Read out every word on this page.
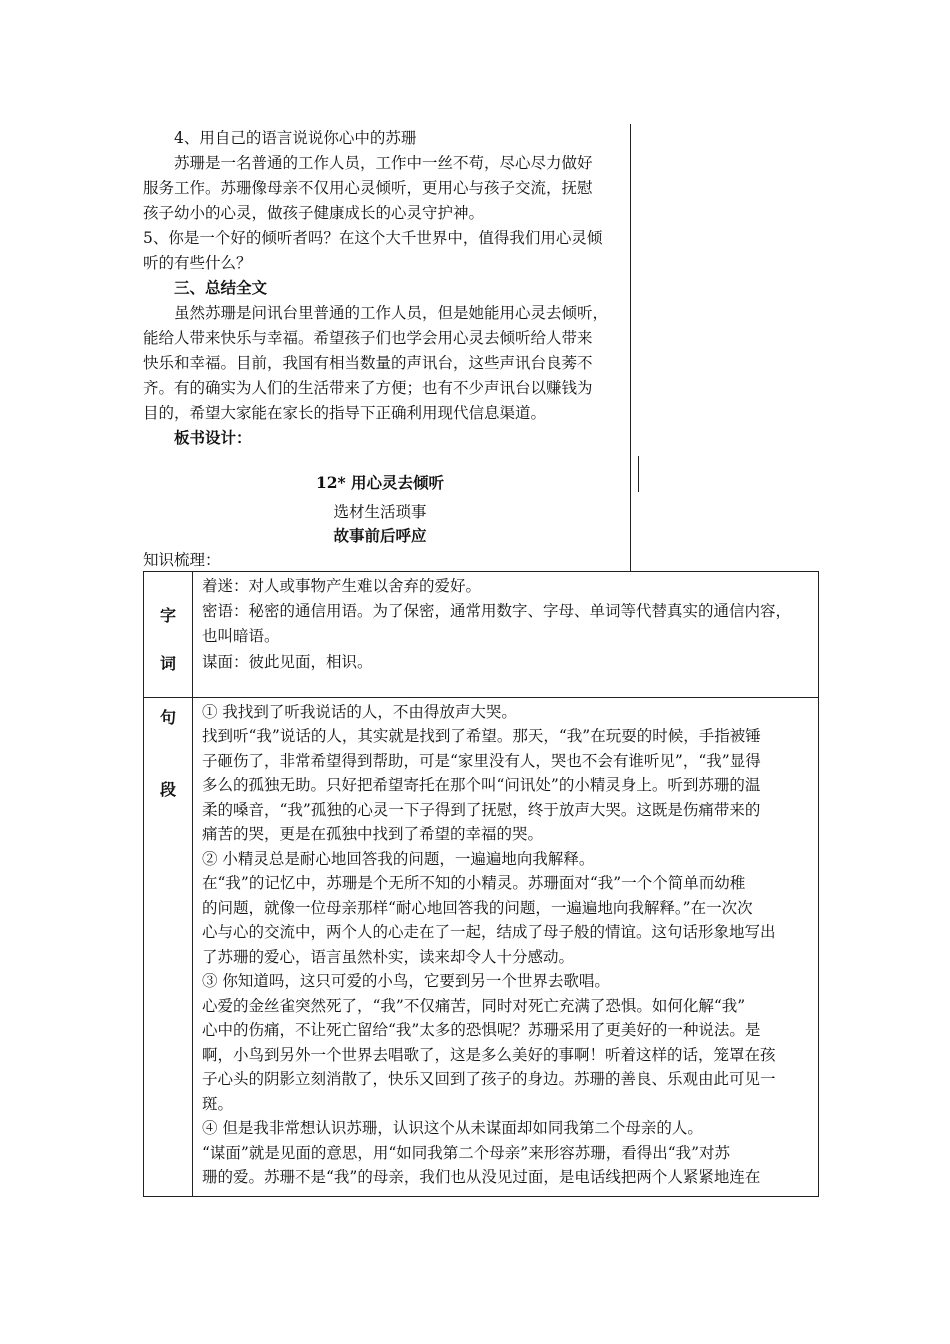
4、用自己的语言说说你心中的苏珊
苏珊是一名普通的工作人员，工作中一丝不苟，尽心尽力做好
服务工作。苏珊像母亲不仅用心灵倾听，更用心与孩子交流，抚慰
孩子幼小的心灵，做孩子健康成长的心灵守护神。
5、你是一个好的倾听者吗？在这个大千世界中，值得我们用心灵倾
听的有些什么？
三、总结全文
虽然苏珊是问讯台里普通的工作人员，但是她能用心灵去倾听，
能给人带来快乐与幸福。希望孩子们也学会用心灵去倾听给人带来
快乐和幸福。目前，我国有相当数量的声讯台，这些声讯台良莠不
齐。有的确实为人们的生活带来了方便；也有不少声讯台以赚钱为
目的，希望大家能在家长的指导下正确利用现代信息渠道。
板书设计：
12* 用心灵去倾听
选材生活琐事
故事前后呼应
知识梳理：
字
词
着迷：对人或事物产生难以舍弃的爱好。
密语：秘密的通信用语。为了保密，通常用数字、字母、单词等代替真实的通信内容，
也叫暗语。
谋面：彼此见面，相识。
句
段
① 我找到了听我说话的人，不由得放声大哭。
找到听“我”说话的人，其实就是找到了希望。那天，“我”在玩耍的时候，手指被锤
子砸伤了，非常希望得到帮助，可是“家里没有人，哭也不会有谁听见”，“我”显得
多么的孤独无助。只好把希望寄托在那个叫“问讯处”的小精灵身上。听到苏珊的温
柔的嗓音，“我”孤独的心灵一下子得到了抚慰，终于放声大哭。这既是伤痛带来的
痛苦的哭，更是在孤独中找到了希望的幸福的哭。
② 小精灵总是耐心地回答我的问题，一遍遍地向我解释。
在“我”的记忆中，苏珊是个无所不知的小精灵。苏珊面对“我”一个个简单而幼稚
的问题，就像一位母亲那样“耐心地回答我的问题，一遍遍地向我解释。”在一次次
心与心的交流中，两个人的心走在了一起，结成了母子般的情谊。这句话形象地写出
了苏珊的爱心，语言虽然朴实，读来却令人十分感动。
③ 你知道吗，这只可爱的小鸟，它要到另一个世界去歌唱。
心爱的金丝雀突然死了，“我”不仅痛苦，同时对死亡充满了恐惧。如何化解“我”
心中的伤痛，不让死亡留给“我”太多的恐惧呢？苏珊采用了更美好的一种说法。是
啊，小鸟到另外一个世界去唱歌了，这是多么美好的事啊！听着这样的话，笼罩在孩
子心头的阴影立刻消散了，快乐又回到了孩子的身边。苏珊的善良、乐观由此可见一
斑。
④ 但是我非常想认识苏珊，认识这个从未谋面却如同我第二个母亲的人。
“谋面”就是见面的意思，用“如同我第二个母亲”来形容苏珊，看得出“我”对苏
珊的爱。苏珊不是“我”的母亲，我们也从没见过面，是电话线把两个人紧紧地连在
